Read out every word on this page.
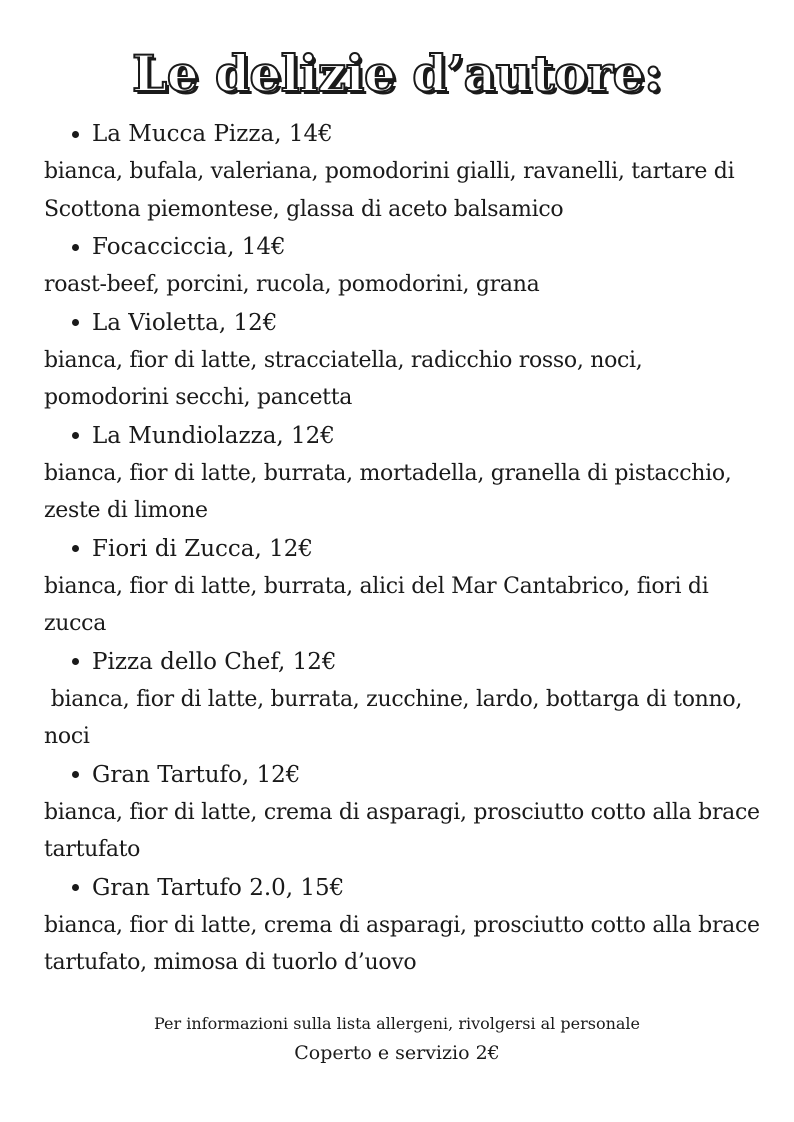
Le delizie d’autore:
La Mucca Pizza, 14€
bianca, bufala, valeriana, pomodorini gialli, ravanelli, tartare di Scottona piemontese, glassa di aceto balsamico
Focacciccia, 14€
roast-beef, porcini, rucola, pomodorini, grana
La Violetta, 12€
bianca, fior di latte, stracciatella, radicchio rosso, noci, pomodorini secchi, pancetta
La Mundiolazza, 12€
bianca, fior di latte, burrata, mortadella, granella di pistacchio, zeste di limone
Fiori di Zucca, 12€
bianca, fior di latte, burrata, alici del Mar Cantabrico, fiori di zucca
Pizza dello Chef, 12€
bianca, fior di latte, burrata, zucchine, lardo, bottarga di tonno, noci
Gran Tartufo, 12€
bianca, fior di latte, crema di asparagi, prosciutto cotto alla brace tartufato
Gran Tartufo 2.0, 15€
bianca, fior di latte, crema di asparagi, prosciutto cotto alla brace tartufato, mimosa di tuorlo d’uovo
Per informazioni sulla lista allergeni, rivolgersi al personale
Coperto e servizio 2€
